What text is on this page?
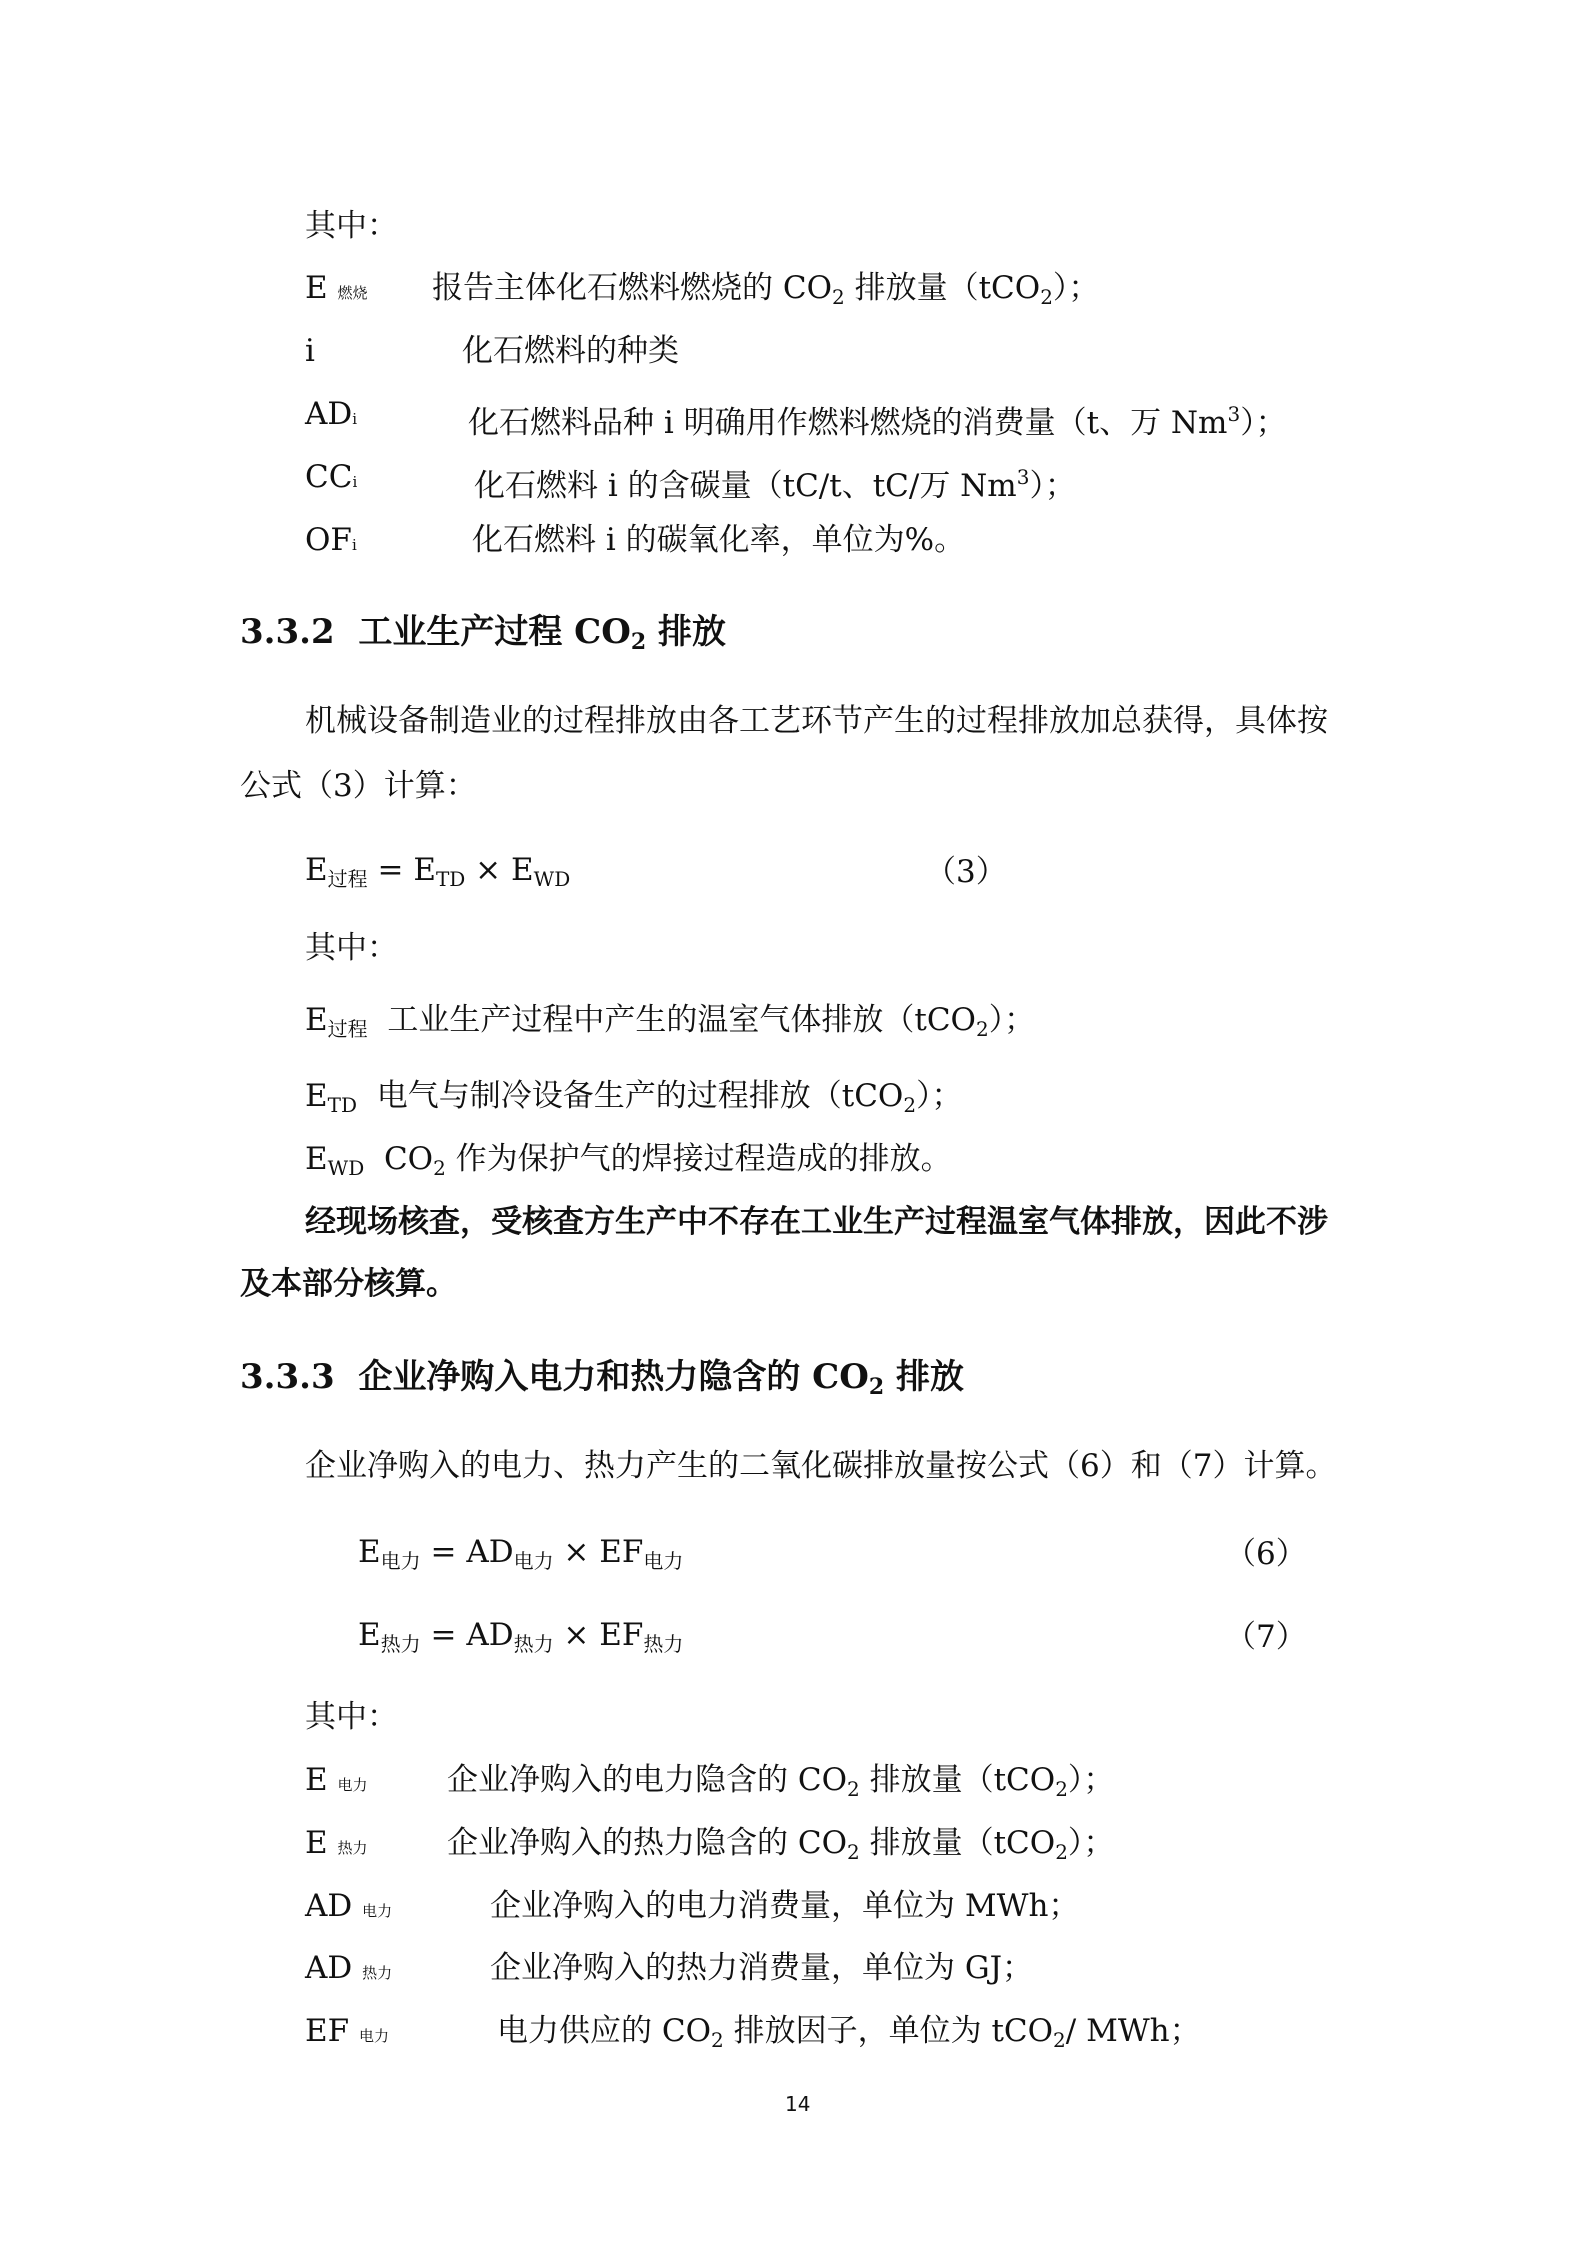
其中：
E 燃烧 报告主体化石燃料燃烧的 $CO_2$ 排放量（tCO$_2$）；
i	化石燃料的种类
ADi	化石燃料品种 i 明确用作燃料燃烧的消费量（t、万 Nm$^3$）；
CCi	化石燃料 i 的含碳量（tC/t、tC/万 Nm$^3$）；
OFi	化石燃料 i 的碳氧化率，单位为%。
3.3.2 工业生产过程 $CO_2$ 排放
机械设备制造业的过程排放由各工艺环节产生的过程排放加总获得，具体按
公式（3）计算：
$E_{过程} = E_{TD} \times E_{WD}$	（3）
其中：
$E_{过程}$ 工业生产过程中产生的温室气体排放（tCO$_2$）；
$E_{TD}$ 电气与制冷设备生产的过程排放（tCO$_2$）；
$E_{WD}$ $CO_2$ 作为保护气的焊接过程造成的排放。
经现场核查，受核查方生产中不存在工业生产过程温室气体排放，因此不涉
及本部分核算。
3.3.3 企业净购入电力和热力隐含的 $CO_2$ 排放
企业净购入的电力、热力产生的二氧化碳排放量按公式（6）和（7）计算。
$E_{电力} = AD_{电力} \times EF_{电力}$	（6）
$E_{热力} = AD_{热力} \times EF_{热力}$	（7）
其中：
E 电力	企业净购入的电力隐含的 $CO_2$ 排放量（tCO$_2$）；
E 热力	企业净购入的热力隐含的 $CO_2$ 排放量（tCO$_2$）；
AD 电力	企业净购入的电力消费量，单位为 MWh；
AD 热力	企业净购入的热力消费量，单位为 GJ；
EF 电力	电力供应的 $CO_2$ 排放因子，单位为 tCO$_2$/ MWh；
14
